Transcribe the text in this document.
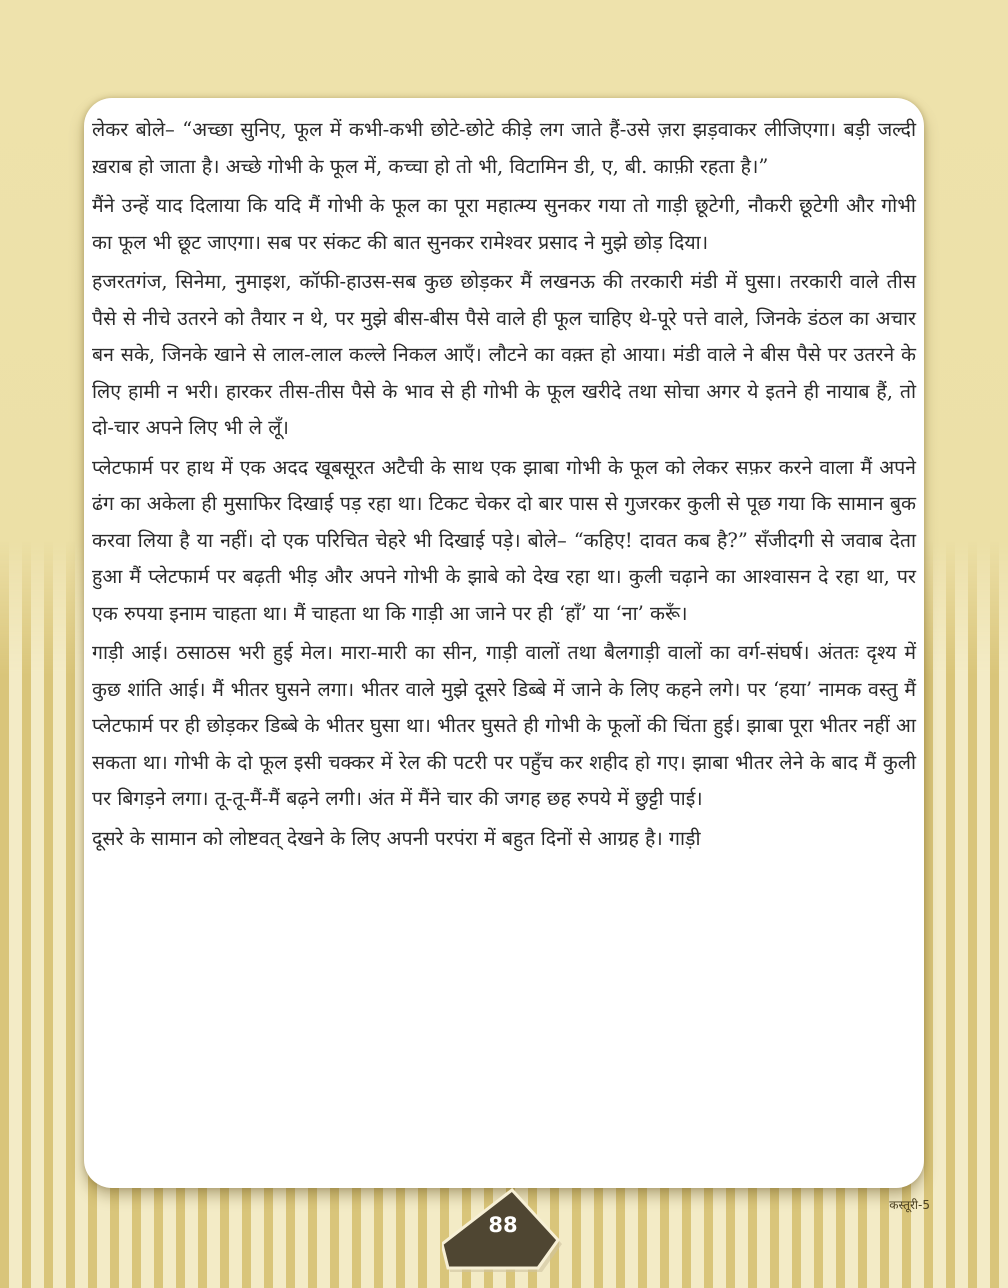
लेकर बोले– “अच्छा सुनिए, फूल में कभी-कभी छोटे-छोटे कीड़े लग जाते हैं-उसे ज़रा झड़वाकर लीजिएगा। बड़ी जल्दी ख़राब हो जाता है। अच्छे गोभी के फूल में, कच्चा हो तो भी, विटामिन डी, ए, बी. काफ़ी रहता है।”

मैंने उन्हें याद दिलाया कि यदि मैं गोभी के फूल का पूरा महात्म्य सुनकर गया तो गाड़ी छूटेगी, नौकरी छूटेगी और गोभी का फूल भी छूट जाएगा। सब पर संकट की बात सुनकर रामेश्वर प्रसाद ने मुझे छोड़ दिया।

हजरतगंज, सिनेमा, नुमाइश, कॉफी-हाउस-सब कुछ छोड़कर मैं लखनऊ की तरकारी मंडी में घुसा। तरकारी वाले तीस पैसे से नीचे उतरने को तैयार न थे, पर मुझे बीस-बीस पैसे वाले ही फूल चाहिए थे-पूरे पत्ते वाले, जिनके डंठल का अचार बन सके, जिनके खाने से लाल-लाल कल्ले निकल आएँ। लौटने का वक़्त हो आया। मंडी वाले ने बीस पैसे पर उतरने के लिए हामी न भरी। हारकर तीस-तीस पैसे के भाव से ही गोभी के फूल खरीदे तथा सोचा अगर ये इतने ही नायाब हैं, तो दो-चार अपने लिए भी ले लूँ।

प्लेटफार्म पर हाथ में एक अदद खूबसूरत अटैची के साथ एक झाबा गोभी के फूल को लेकर सफ़र करने वाला मैं अपने ढंग का अकेला ही मुसाफिर दिखाई पड़ रहा था। टिकट चेकर दो बार पास से गुजरकर कुली से पूछ गया कि सामान बुक करवा लिया है या नहीं। दो एक परिचित चेहरे भी दिखाई पड़े। बोले– “कहिए! दावत कब है?” सँजीदगी से जवाब देता हुआ मैं प्लेटफार्म पर बढ़ती भीड़ और अपने गोभी के झाबे को देख रहा था। कुली चढ़ाने का आश्वासन दे रहा था, पर एक रुपया इनाम चाहता था। मैं चाहता था कि गाड़ी आ जाने पर ही ‘हाँ’ या ‘ना’ करूँ।

गाड़ी आई। ठसाठस भरी हुई मेल। मारा-मारी का सीन, गाड़ी वालों तथा बैलगाड़ी वालों का वर्ग-संघर्ष। अंततः दृश्य में कुछ शांति आई। मैं भीतर घुसने लगा। भीतर वाले मुझे दूसरे डिब्बे में जाने के लिए कहने लगे। पर ‘हया’ नामक वस्तु मैं प्लेटफार्म पर ही छोड़कर डिब्बे के भीतर घुसा था। भीतर घुसते ही गोभी के फूलों की चिंता हुई। झाबा पूरा भीतर नहीं आ सकता था। गोभी के दो फूल इसी चक्कर में रेल की पटरी पर पहुँच कर शहीद हो गए। झाबा भीतर लेने के बाद मैं कुली पर बिगड़ने लगा। तू-तू-मैं-मैं बढ़ने लगी। अंत में मैंने चार की जगह छह रुपये में छुट्टी पाई।

दूसरे के सामान को लोष्टवत् देखने के लिए अपनी परपंरा में बहुत दिनों से आग्रह है। गाड़ी

88
कस्तूरी-5
